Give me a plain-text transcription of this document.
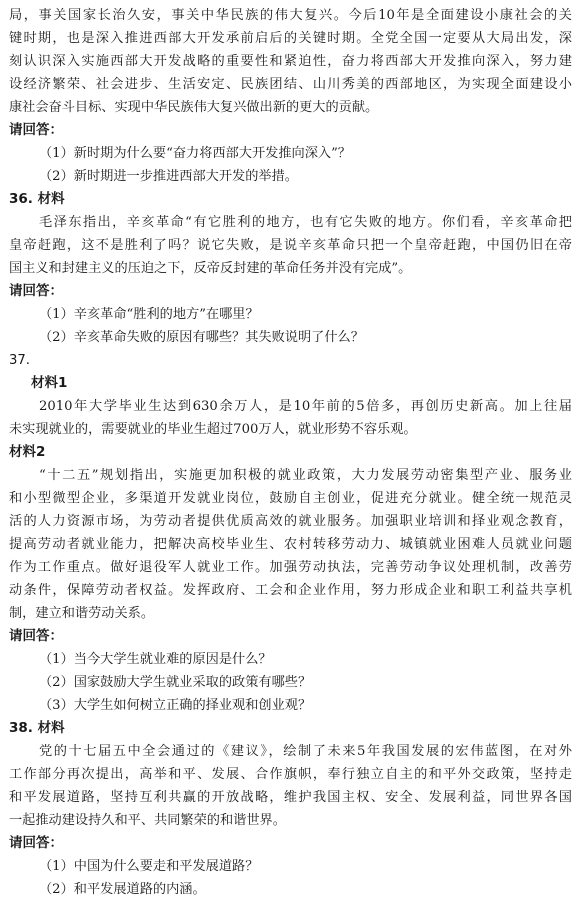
局，事关国家长治久安，事关中华民族的伟大复兴。今后10年是全面建设小康社会的关
键时期，也是深入推进西部大开发承前启后的关键时期。全党全国一定要从大局出发，深
刻认识深入实施西部大开发战略的重要性和紧迫性，奋力将西部大开发推向深入，努力建
设经济繁荣、社会进步、生活安定、民族团结、山川秀美的西部地区，为实现全面建设小
康社会奋斗目标、实现中华民族伟大复兴做出新的更大的贡献。
请回答：
（1）新时期为什么要“奋力将西部大开发推向深入”？
（2）新时期进一步推进西部大开发的举措。
36. 材料
毛泽东指出，辛亥革命“有它胜利的地方，也有它失败的地方。你们看，辛亥革命把
皇帝赶跑，这不是胜利了吗？说它失败，是说辛亥革命只把一个皇帝赶跑，中国仍旧在帝
国主义和封建主义的压迫之下，反帝反封建的革命任务并没有完成”。
请回答：
（1）辛亥革命“胜利的地方”在哪里？
（2）辛亥革命失败的原因有哪些？其失败说明了什么？
37.
材料1
2010年大学毕业生达到630余万人，是10年前的5倍多，再创历史新高。加上往届
未实现就业的，需要就业的毕业生超过700万人，就业形势不容乐观。
材料2
“十二五”规划指出，实施更加积极的就业政策，大力发展劳动密集型产业、服务业
和小型微型企业，多渠道开发就业岗位，鼓励自主创业，促进充分就业。健全统一规范灵
活的人力资源市场，为劳动者提供优质高效的就业服务。加强职业培训和择业观念教育，
提高劳动者就业能力，把解决高校毕业生、农村转移劳动力、城镇就业困难人员就业问题
作为工作重点。做好退役军人就业工作。加强劳动执法，完善劳动争议处理机制，改善劳
动条件，保障劳动者权益。发挥政府、工会和企业作用，努力形成企业和职工利益共享机
制，建立和谐劳动关系。
请回答：
（1）当今大学生就业难的原因是什么？
（2）国家鼓励大学生就业采取的政策有哪些？
（3）大学生如何树立正确的择业观和创业观？
38. 材料
党的十七届五中全会通过的《建议》，绘制了未来5年我国发展的宏伟蓝图，在对外
工作部分再次提出，高举和平、发展、合作旗帜，奉行独立自主的和平外交政策，坚持走
和平发展道路，坚持互利共赢的开放战略，维护我国主权、安全、发展利益，同世界各国
一起推动建设持久和平、共同繁荣的和谐世界。
请回答：
（1）中国为什么要走和平发展道路？
（2）和平发展道路的内涵。
